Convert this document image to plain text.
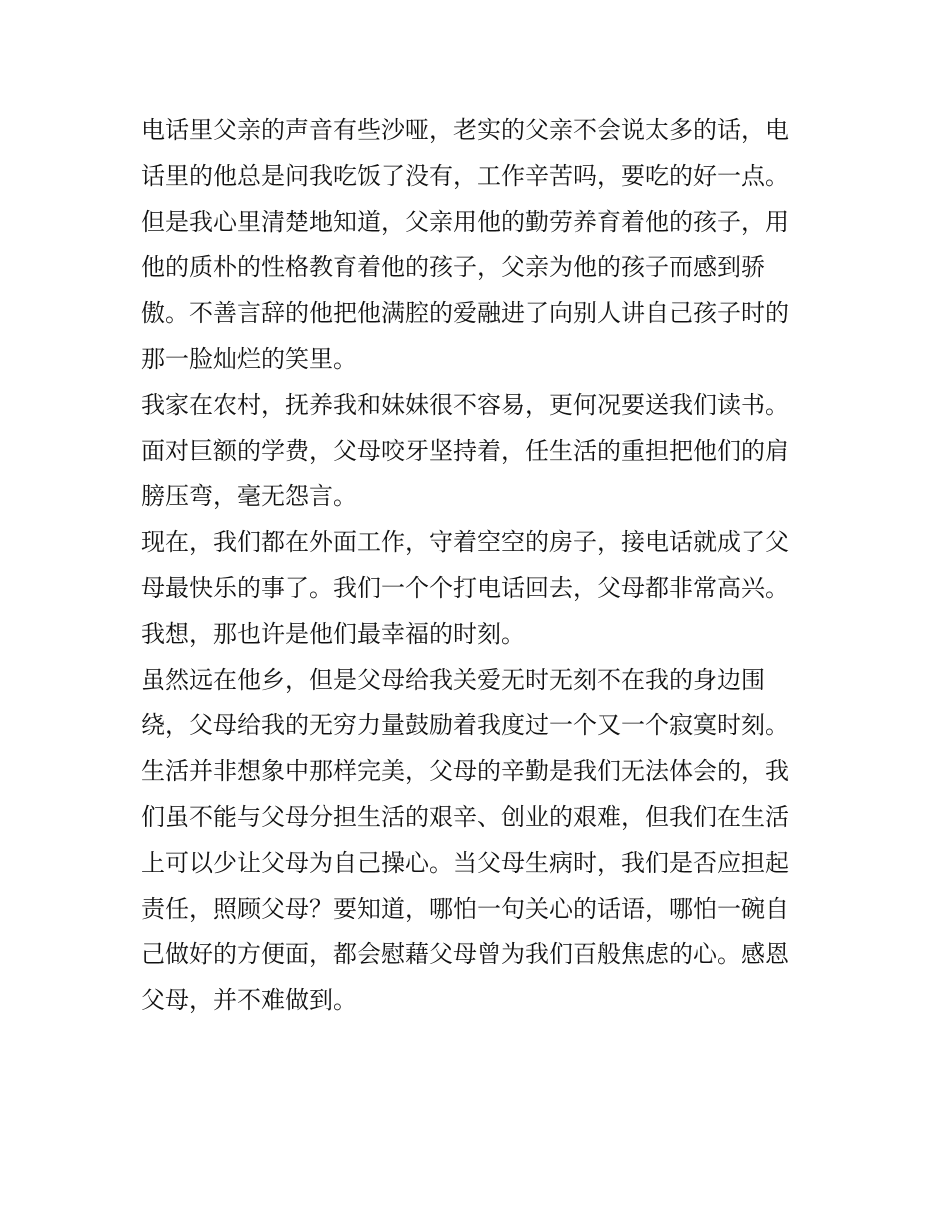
电话里父亲的声音有些沙哑，老实的父亲不会说太多的话，电
话里的他总是问我吃饭了没有，工作辛苦吗，要吃的好一点。
但是我心里清楚地知道，父亲用他的勤劳养育着他的孩子，用
他的质朴的性格教育着他的孩子，父亲为他的孩子而感到骄
傲。不善言辞的他把他满腔的爱融进了向别人讲自己孩子时的
那一脸灿烂的笑里。

我家在农村，抚养我和妹妹很不容易，更何况要送我们读书。
面对巨额的学费，父母咬牙坚持着，任生活的重担把他们的肩
膀压弯，毫无怨言。

现在，我们都在外面工作，守着空空的房子，接电话就成了父
母最快乐的事了。我们一个个打电话回去，父母都非常高兴。
我想，那也许是他们最幸福的时刻。

虽然远在他乡，但是父母给我关爱无时无刻不在我的身边围
绕，父母给我的无穷力量鼓励着我度过一个又一个寂寞时刻。
生活并非想象中那样完美，父母的辛勤是我们无法体会的，我
们虽不能与父母分担生活的艰辛、创业的艰难，但我们在生活
上可以少让父母为自己操心。当父母生病时，我们是否应担起
责任，照顾父母？要知道，哪怕一句关心的话语，哪怕一碗自
己做好的方便面，都会慰藉父母曾为我们百般焦虑的心。感恩
父母，并不难做到。
